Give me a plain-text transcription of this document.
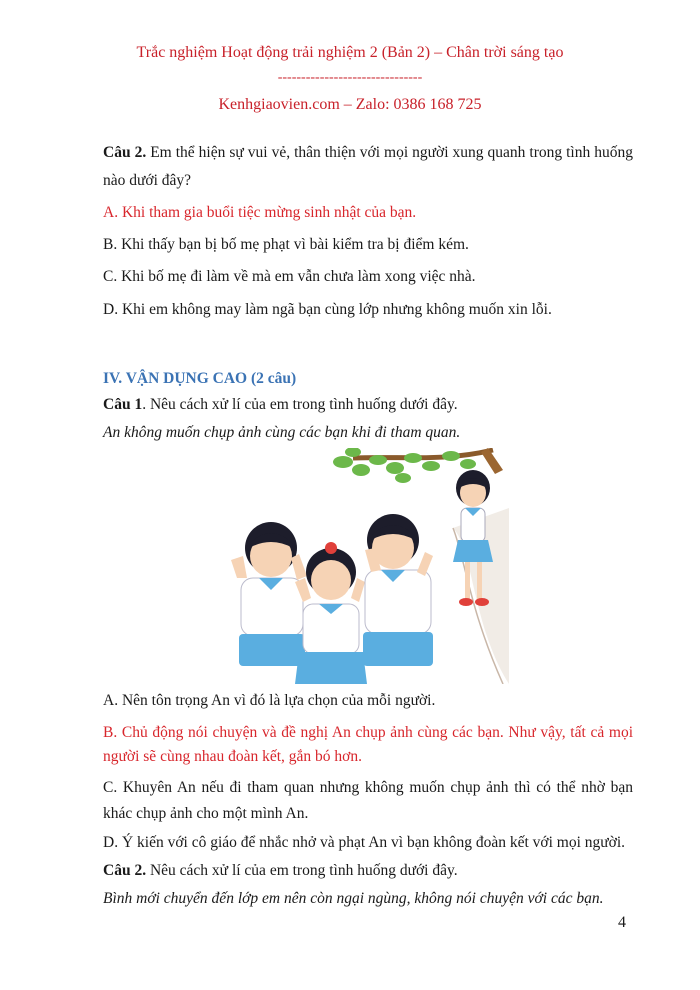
Trắc nghiệm Hoạt động trải nghiệm 2 (Bản 2) – Chân trời sáng tạo
-------------------------------
Kenhgiaovien.com – Zalo: 0386 168 725
Câu 2. Em thể hiện sự vui vẻ, thân thiện với mọi người xung quanh trong tình huống
nào dưới đây?
A. Khi tham gia buổi tiệc mừng sinh nhật của bạn.
B. Khi thấy bạn bị bố mẹ phạt vì bài kiểm tra bị điểm kém.
C. Khi bố mẹ đi làm về mà em vẫn chưa làm xong việc nhà.
D. Khi em không may làm ngã bạn cùng lớp nhưng không muốn xin lỗi.
IV. VẬN DỤNG CAO (2 câu)
Câu 1. Nêu cách xử lí của em trong tình huống dưới đây.
An không muốn chụp ảnh cùng các bạn khi đi tham quan.
A. Nên tôn trọng An vì đó là lựa chọn của mỗi người.
B. Chủ động nói chuyện và đề nghị An chụp ảnh cùng các bạn. Như vậy, tất cả mọi
người sẽ cùng nhau đoàn kết, gắn bó hơn.
C. Khuyên An nếu đi tham quan nhưng không muốn chụp ảnh thì có thể nhờ bạn
khác chụp ảnh cho một mình An.
D. Ý kiến với cô giáo để nhắc nhở và phạt An vì bạn không đoàn kết với mọi người.
Câu 2. Nêu cách xử lí của em trong tình huống dưới đây.
Bình mới chuyển đến lớp em nên còn ngại ngùng, không nói chuyện với các bạn.
4
